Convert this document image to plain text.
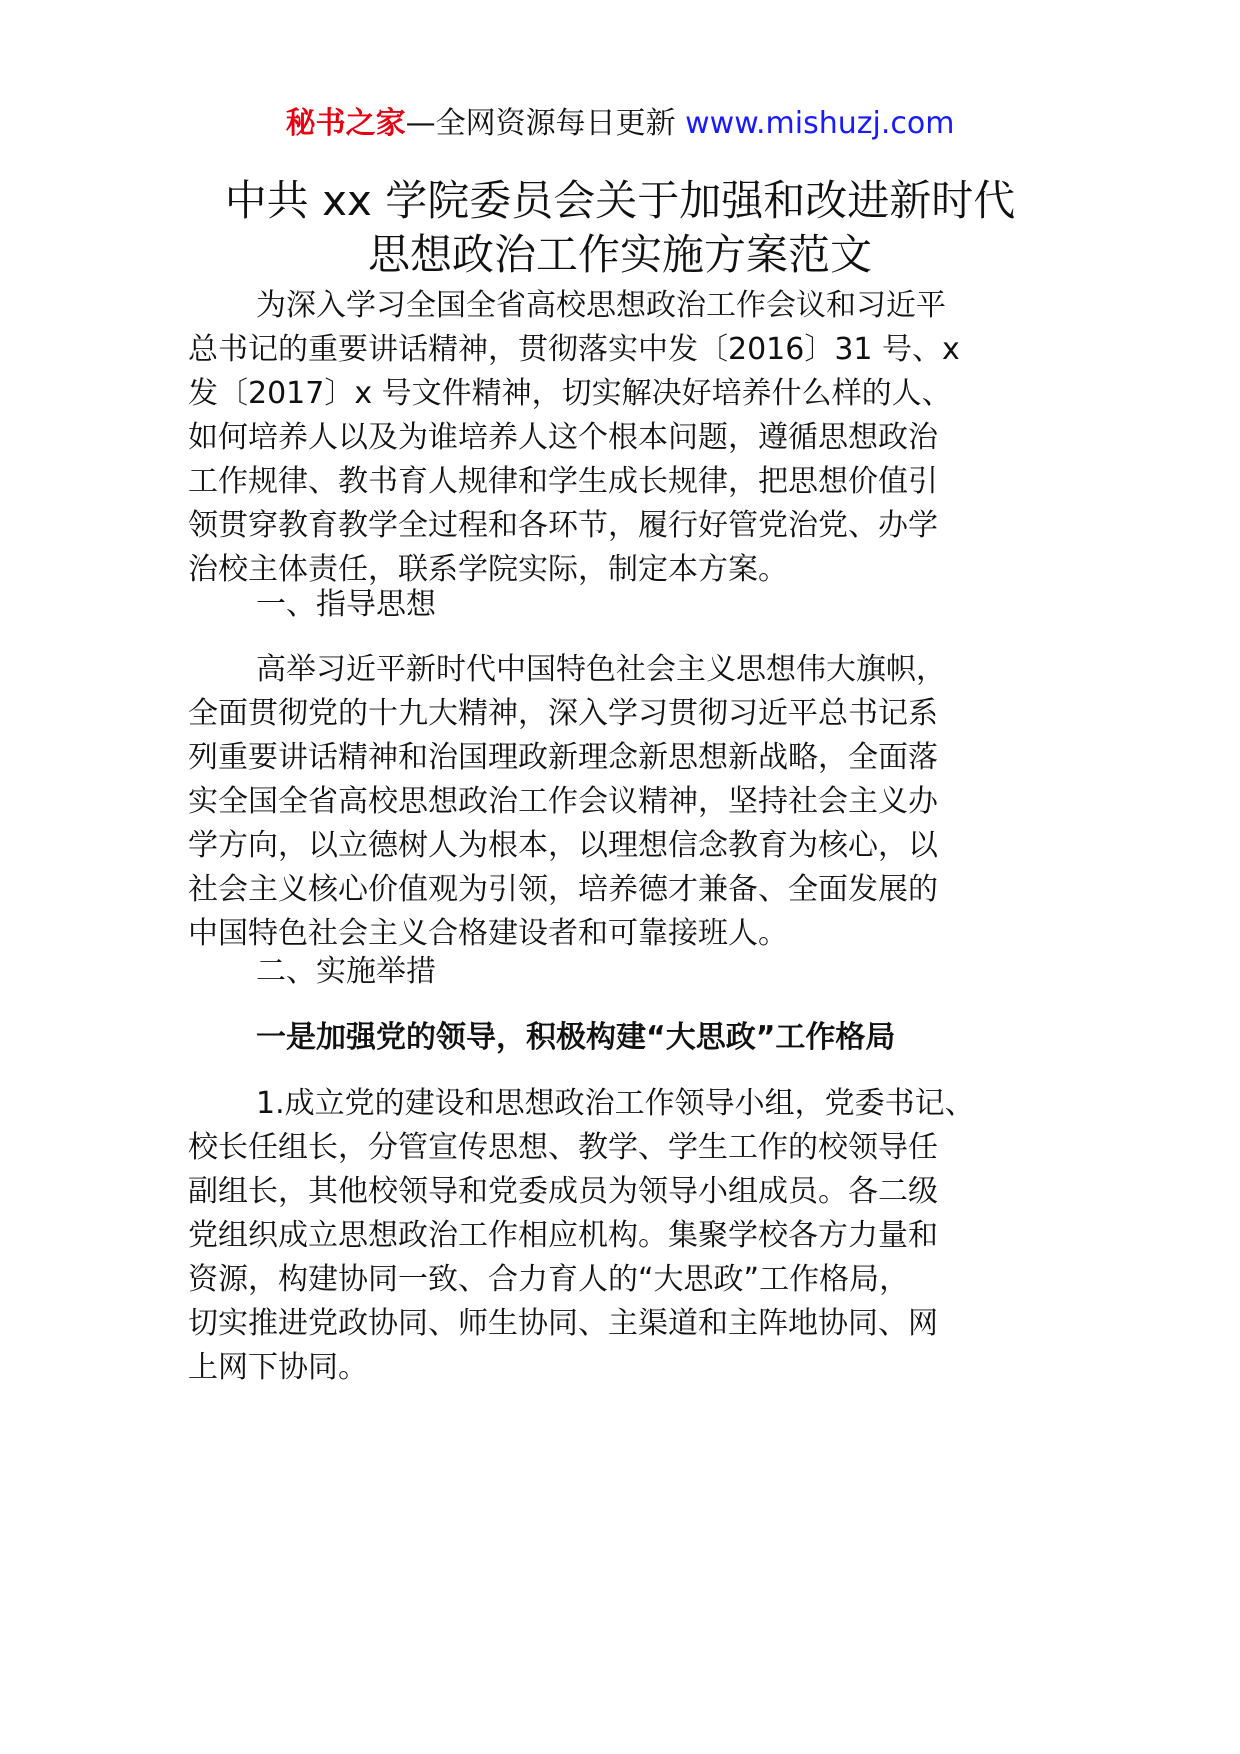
秘书之家—全网资源每日更新 www.mishuzj.com
中共 xx 学院委员会关于加强和改进新时代
思想政治工作实施方案范文
为深入学习全国全省高校思想政治工作会议和习近平
总书记的重要讲话精神，贯彻落实中发〔2016〕31 号、x
发〔2017〕x 号文件精神，切实解决好培养什么样的人、
如何培养人以及为谁培养人这个根本问题，遵循思想政治
工作规律、教书育人规律和学生成长规律，把思想价值引
领贯穿教育教学全过程和各环节，履行好管党治党、办学
治校主体责任，联系学院实际，制定本方案。
一、指导思想
高举习近平新时代中国特色社会主义思想伟大旗帜，
全面贯彻党的十九大精神，深入学习贯彻习近平总书记系
列重要讲话精神和治国理政新理念新思想新战略，全面落
实全国全省高校思想政治工作会议精神，坚持社会主义办
学方向，以立德树人为根本，以理想信念教育为核心，以
社会主义核心价值观为引领，培养德才兼备、全面发展的
中国特色社会主义合格建设者和可靠接班人。
二、实施举措
一是加强党的领导，积极构建“大思政”工作格局
1.成立党的建设和思想政治工作领导小组，党委书记、
校长任组长，分管宣传思想、教学、学生工作的校领导任
副组长，其他校领导和党委成员为领导小组成员。各二级
党组织成立思想政治工作相应机构。集聚学校各方力量和
资源，构建协同一致、合力育人的“大思政”工作格局，
切实推进党政协同、师生协同、主渠道和主阵地协同、网
上网下协同。
